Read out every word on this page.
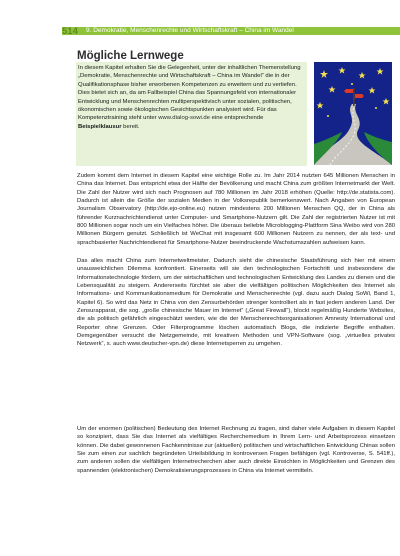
514 9. Demokratie, Menschenrechte und Wirtschaftskraft – China im Wandel
Mögliche Lernwege

In diesem Kapitel erhalten Sie die Gelegenheit, unter der inhaltlichen Themenstellung „Demokratie, Menschenrechte und Wirtschaftskraft – China im Wandel“ die in der Qualifikationsphase bisher erworbenen Kompetenzen zu erweitern und zu vertiefen. Dies bietet sich an, da am Fallbeispiel China das Spannungsfeld von internationaler Entwicklung und Menschenrechten multiperspektivisch unter sozialen, politischen, ökonomischen sowie ökologischen Gesichtspunkten analysiert wird. Für das Kompetenztraining steht unter www.dialog-sowi.de eine entsprechende Beispielklausur bereit.

Zudem kommt dem Internet in diesem Kapitel eine wichtige Rolle zu. Im Jahr 2014 nutzten 645 Millionen Menschen in China das Internet. Das entspricht etwa der Hälfte der Bevölkerung und macht China zum größten Internetmarkt der Welt. Die Zahl der Nutzer wird sich nach Prognosen auf 780 Millionen im Jahr 2018 erhöhen (Quelle: http://de.statista.com). Dadurch ist allein die Größe der sozialen Medien in der Volksrepublik bemerkenswert. Nach Angaben von European Journalism Observatory (http://de.ejo-online.eu) nutzen mindestens 200 Millionen Menschen QQ, der in China als führender Kurznachrichtendienst unter Computer- und Smartphone-Nutzern gilt. Die Zahl der registrierten Nutzer ist mit 800 Millionen sogar noch um ein Vielfaches höher. Die überaus beliebte Microblogging-Plattform Sina Weibo wird von 280 Millionen Bürgern genutzt. Schließlich ist WeChat mit insgesamt 600 Millionen Nutzern zu nennen, der als text- und sprachbasierter Nachrichtendienst für Smartphone-Nutzer beeindruckende Wachstumszahlen aufweisen kann.

Das alles macht China zum Internetweltmeister. Dadurch sieht die chinesische Staatsführung sich hier mit einem unausweichlichen Dilemma konfrontiert. Einerseits will sie den technologischen Fortschritt und insbesondere die Informationstechnologie fördern, um der wirtschaftlichen und technologischen Entwicklung des Landes zu dienen und die Lebensqualität zu steigern. Andererseits fürchtet sie aber die vielfältigen politischen Möglichkeiten des Internet als Informations- und Kommunikationsmedium für Demokratie und Menschenrechte (vgl. dazu auch Dialog SoWi, Band 1, Kapitel 6). So wird das Netz in China von den Zensurbehörden strenger kontrolliert als in fast jedem anderen Land. Der Zensurapparat, die sog. „große chinesische Mauer im Internet“ („Great Firewall“), blockt regelmäßig Hunderte Websites, die als politisch gefährlich eingeschätzt werden, wie die der Menschenrechtsorganisationen Amnesty International und Reporter ohne Grenzen. Oder Filterprogramme löschen automatisch Blogs, die indizierte Begriffe enthalten. Demgegenüber versucht die Netzgemeinde, mit kreativen Methoden und VPN-Software (sog. „virtuelles privates Netzwerk“, s. auch www.deutscher-vpn.de) diese Internetsperren zu umgehen.

Um der enormen (politischen) Bedeutung des Internet Rechnung zu tragen, sind daher viele Aufgaben in diesem Kapitel so konzipiert, dass Sie das Internet als vielfältiges Recherchemedium in Ihrem Lern- und Arbeitsprozess einsetzen können. Die dabei gewonnenen Fachkenntnisse zur (aktuellen) politischen und wirtschaftlichen Entwicklung Chinas sollen Sie zum einen zur sachlich begründeten Urteilsbildung in kontroversen Fragen befähigen (vgl. Kontroverse, S. 541ff.), zum anderen sollen die vielfältigen Internetrecherchen aber auch direkte Einsichten in Möglichkeiten und Grenzen des spannenden (elektronischen) Demokratisierungsprozesses in China via Internet vermitteln.
